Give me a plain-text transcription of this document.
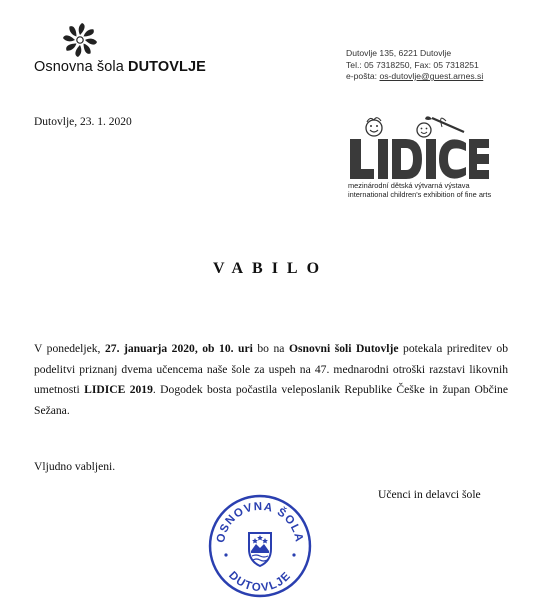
Osnovna šola DUTOVLJE
Dutovlje 135, 6221 Dutovlje
Tel.: 05 7318250, Fax: 05 7318251
e-pošta: os-dutovlje@guest.arnes.si
Dutovlje, 23. 1. 2020
mezinárodní dětská výtvarná výstava
international children's exhibition of fine arts
VABILO
V ponedeljek, 27. januarja 2020, ob 10. uri bo na Osnovni šoli Dutovlje potekala prireditev ob podelitvi priznanj dvema učencema naše šole za uspeh na 47. mednarodni otroški razstavi likovnih umetnosti LIDICE 2019. Dogodek bosta počastila veleposlanik Republike Češke in župan Občine Sežana.
Vljudno vabljeni.
Učenci in delavci šole
OSNOVNA ŠOLA
DUTOVLJE
